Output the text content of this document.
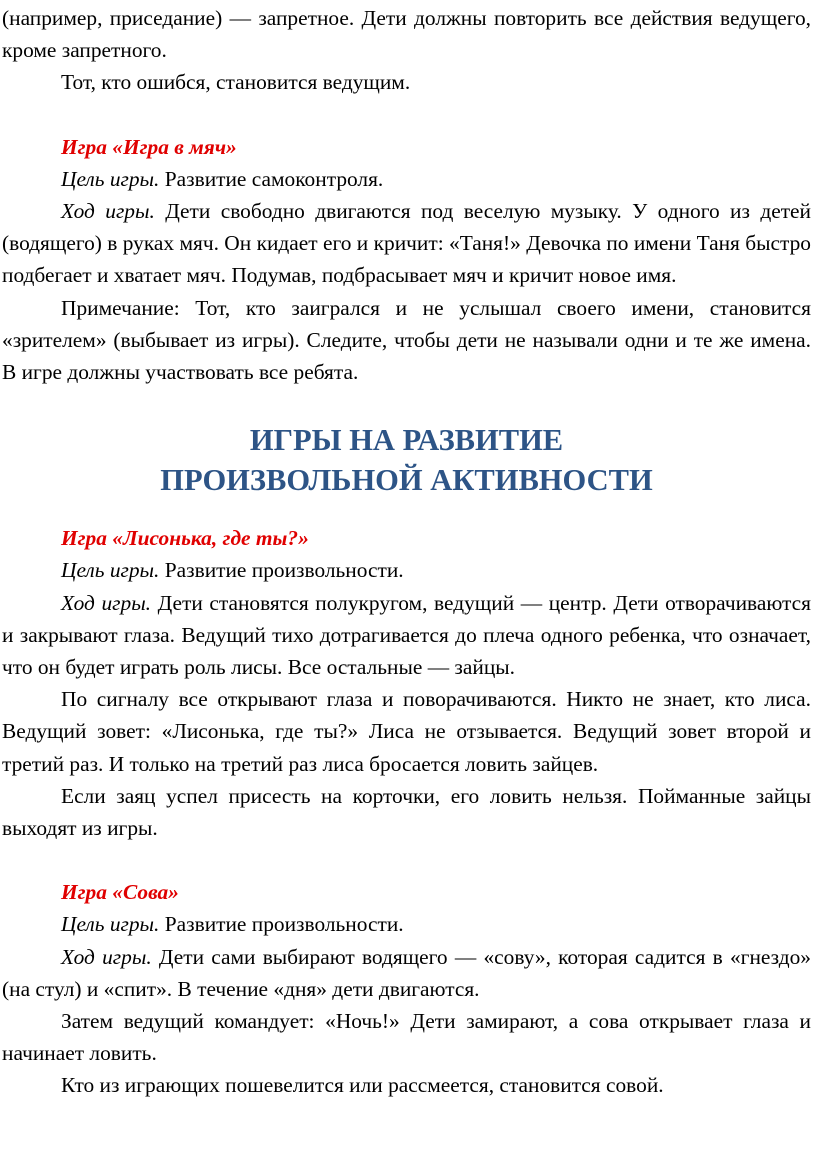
(например, приседание) — запретное. Дети должны повторить все действия ведущего, кроме запретного.

Тот, кто ошибся, становится ведущим.

Игра «Игра в мяч»

Цель игры. Развитие самоконтроля.

Ход игры. Дети свободно двигаются под веселую музыку. У одного из детей (водящего) в руках мяч. Он кидает его и кричит: «Таня!» Девочка по имени Таня быстро подбегает и хватает мяч. Подумав, подбрасывает мяч и кричит новое имя.

Примечание: Тот, кто заигрался и не услышал своего имени, становится «зрителем» (выбывает из игры). Следите, чтобы дети не называли одни и те же имена. В игре должны участвовать все ребята.

ИГРЫ НА РАЗВИТИЕ
ПРОИЗВОЛЬНОЙ АКТИВНОСТИ

Игра «Лисонька, где ты?»

Цель игры. Развитие произвольности.

Ход игры. Дети становятся полукругом, ведущий — центр. Дети отворачиваются и закрывают глаза. Ведущий тихо дотрагивается до плеча одного ребенка, что означает, что он будет играть роль лисы. Все остальные — зайцы.

По сигналу все открывают глаза и поворачиваются. Никто не знает, кто лиса. Ведущий зовет: «Лисонька, где ты?» Лиса не отзывается. Ведущий зовет второй и третий раз. И только на третий раз лиса бросается ловить зайцев.

Если заяц успел присесть на корточки, его ловить нельзя. Пойманные зайцы выходят из игры.

Игра «Сова»

Цель игры. Развитие произвольности.

Ход игры. Дети сами выбирают водящего — «сову», которая садится в «гнездо» (на стул) и «спит». В течение «дня» дети двигаются.

Затем ведущий командует: «Ночь!» Дети замирают, а сова открывает глаза и начинает ловить.

Кто из играющих пошевелится или рассмеется, становится совой.
